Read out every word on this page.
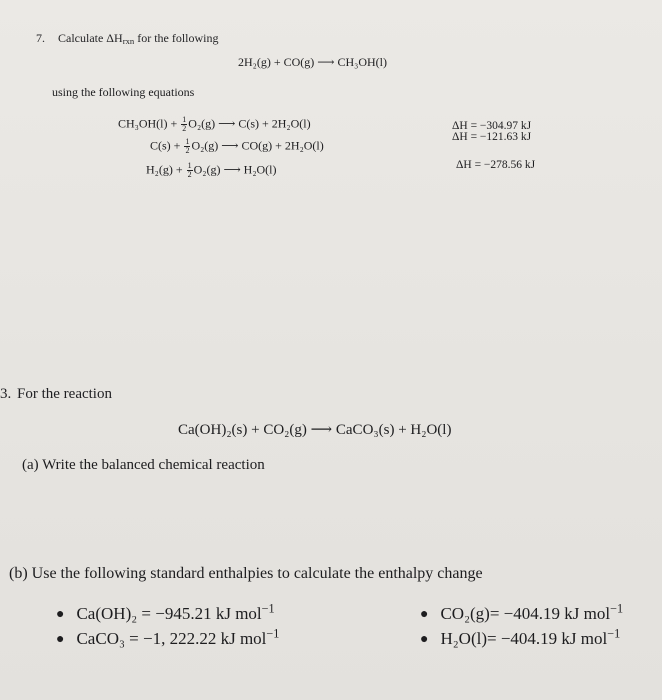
7. Calculate $\Delta H_{rxn}$ for the following
2H₂(g) + CO(g) ⟶ CH₃OH(l)
using the following equations
$CH_3OH(l) + \frac{1}{2} O_2(g)$ ⟶ C(s) + 2H₂O(l)
$C(s) + \frac{1}{2} O_2(g)$ ⟶ CO(g) + 2H₂O(l)
$H_2(g) + \frac{1}{2} O_2(g)$ ⟶ H₂O(l)
ΔH = −304.97 kJ
ΔH = −121.63 kJ
ΔH = −278.56 kJ
3. For the reaction
Ca(OH)₂(s) + CO₂(g) ⟶ CaCO₃(s) + H₂O(l)
(a) Write the balanced chemical reaction
(b) Use the following standard enthalpies to calculate the enthalpy change
● Ca(OH)₂ = −945.21 kJ mol$^{-1}$
● CaCO₃ = −1, 222.22 kJ mol$^{-1}$
● CO₂(g)= −404.19 kJ mol$^{-1}$
● H₂O(l)= −404.19 kJ mol$^{-1}$
